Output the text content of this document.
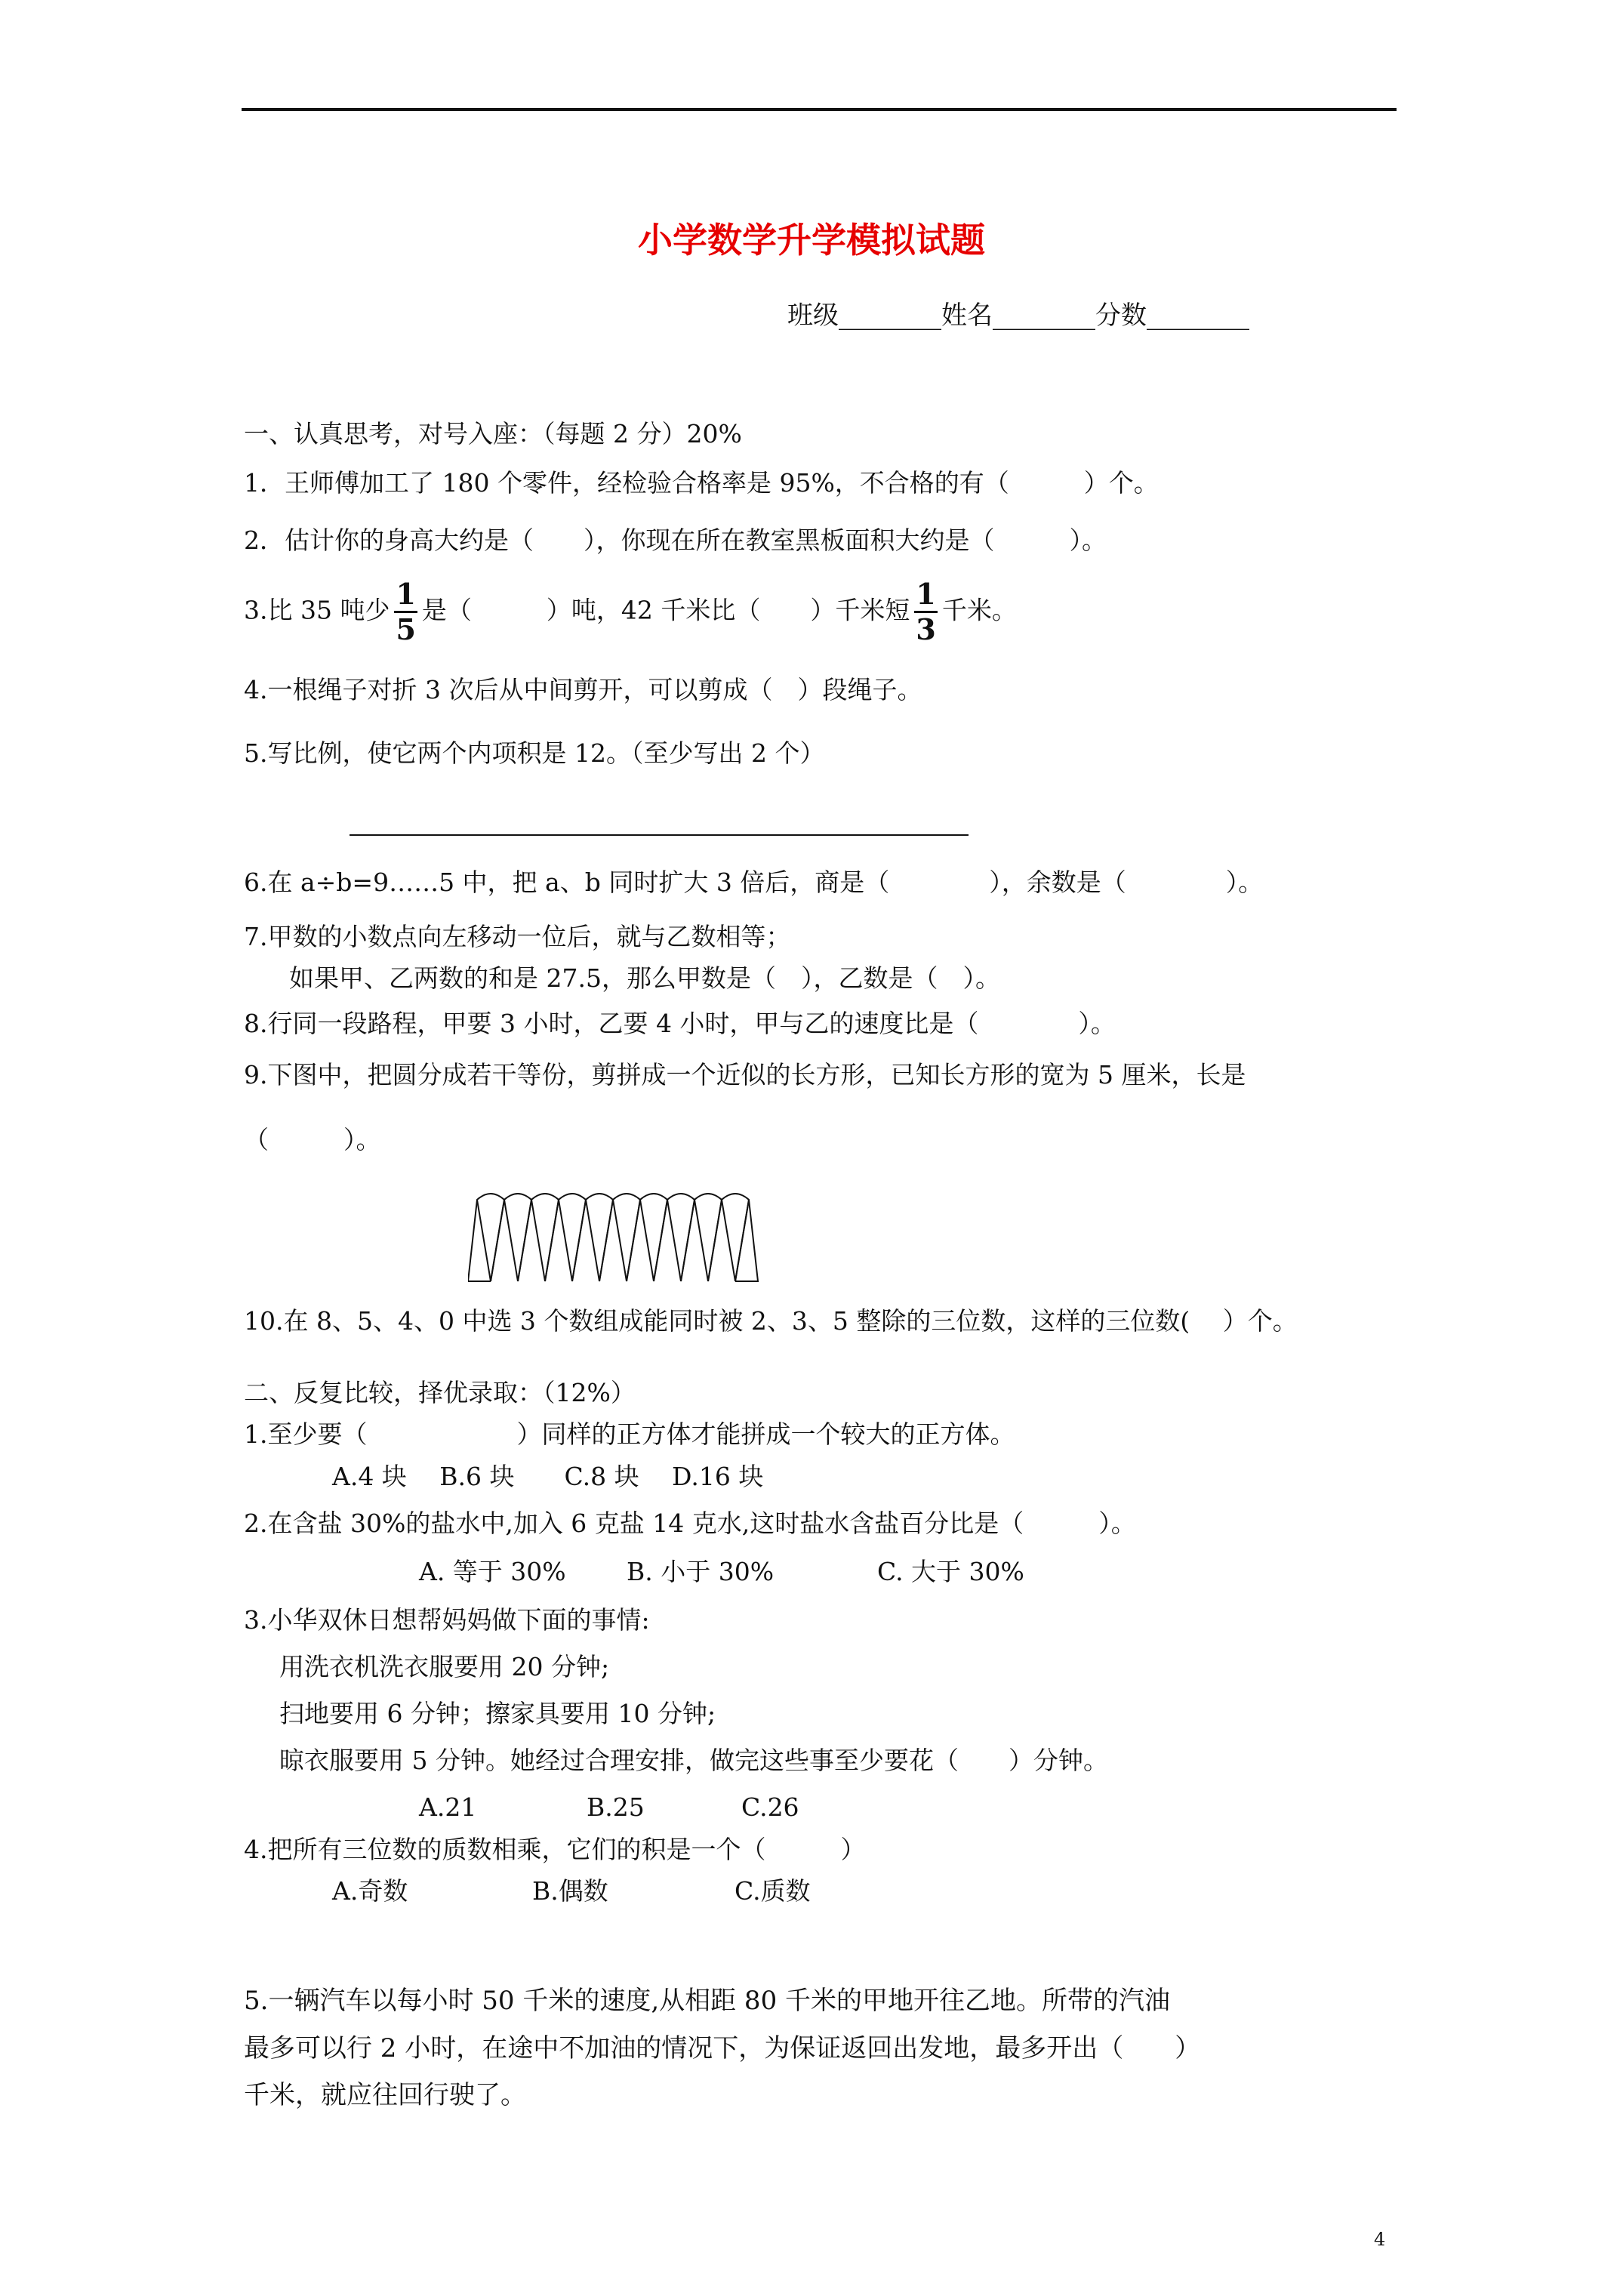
小学数学升学模拟试题
班级________姓名________分数________
一、认真思考，对号入座：（每题 2 分）20%
1．王师傅加工了 180 个零件，经检验合格率是 95%，不合格的有（　　　）个。
2．估计你的身高大约是（　　），你现在所在教室黑板面积大约是（　　　）。
3.比 35 吨少 $\frac{1}{5}$ 是（　　　）吨，42 千米比（　　）千米短 $\frac{1}{3}$ 千米。
4.一根绳子对折 3 次后从中间剪开，可以剪成（　）段绳子。
5.写比例，使它两个内项积是 12。（至少写出 2 个）
6.在 a÷b=9……5 中，把 a、b 同时扩大 3 倍后，商是（　　　　），余数是（　　　　）。
7.甲数的小数点向左移动一位后，就与乙数相等；
如果甲、乙两数的和是 27.5，那么甲数是（　），乙数是（　）。
8.行同一段路程，甲要 3 小时，乙要 4 小时，甲与乙的速度比是（　　　　）。
9.下图中，把圆分成若干等份，剪拼成一个近似的长方形，已知长方形的宽为 5 厘米，长是
（　　　）。
10.在 8、5、4、0 中选 3 个数组成能同时被 2、3、5 整除的三位数，这样的三位数(　 ）个。
二、反复比较，择优录取：（12%）
1.至少要（　　　　　　）同样的正方体才能拼成一个较大的正方体。
A.4 块　 B.6 块　　C.8 块　 D.16 块
2.在含盐 30%的盐水中,加入 6 克盐 14 克水,这时盐水含盐百分比是（　　　）。
A. 等于 30% B. 小于 30%	C. 大于 30%
3.小华双休日想帮妈妈做下面的事情:
用洗衣机洗衣服要用 20 分钟;
扫地要用 6 分钟；擦家具要用 10 分钟;
晾衣服要用 5 分钟。她经过合理安排，做完这些事至少要花（　　）分钟。
A.21	B.25	C.26
4.把所有三位数的质数相乘，它们的积是一个（　　　）
A.奇数	B.偶数	C.质数
5.一辆汽车以每小时 50 千米的速度,从相距 80 千米的甲地开往乙地。所带的汽油
最多可以行 2 小时，在途中不加油的情况下，为保证返回出发地，最多开出（　　）
千米，就应往回行驶了。
4
